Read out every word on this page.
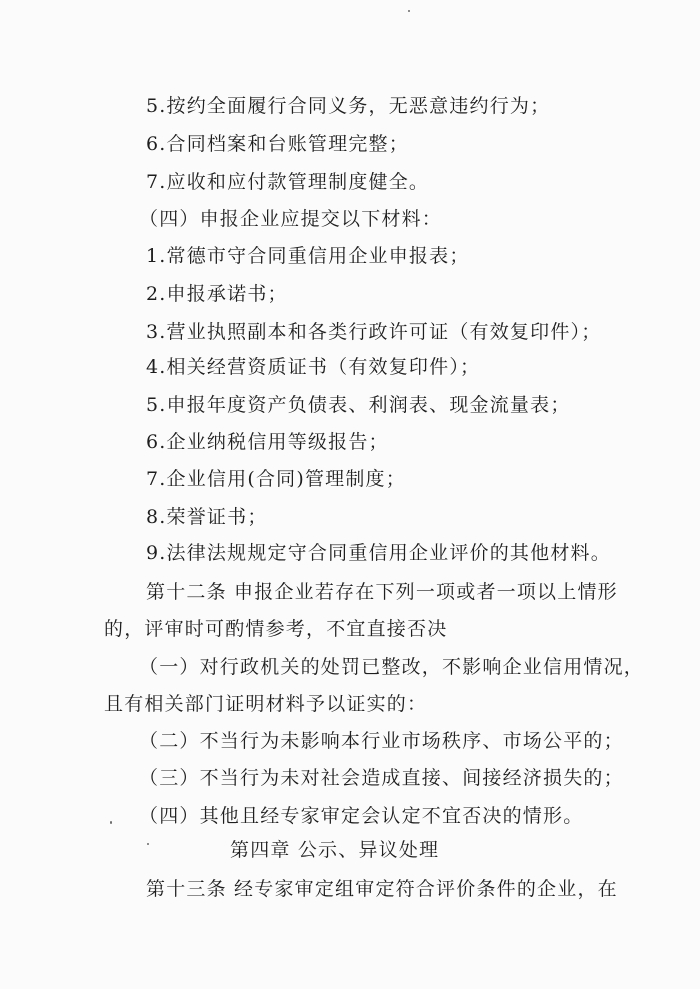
5.按约全面履行合同义务，无恶意违约行为；
6.合同档案和台账管理完整；
7.应收和应付款管理制度健全。
（四）申报企业应提交以下材料：
1.常德市守合同重信用企业申报表；
2.申报承诺书；
3.营业执照副本和各类行政许可证（有效复印件）；
4.相关经营资质证书（有效复印件）；
5.申报年度资产负债表、利润表、现金流量表；
6.企业纳税信用等级报告；
7.企业信用(合同)管理制度；
8.荣誉证书；
9.法律法规规定守合同重信用企业评价的其他材料。
第十二条 申报企业若存在下列一项或者一项以上情形
的，评审时可酌情参考，不宜直接否决
（一）对行政机关的处罚已整改，不影响企业信用情况，
且有相关部门证明材料予以证实的：
（二）不当行为未影响本行业市场秩序、市场公平的；
（三）不当行为未对社会造成直接、间接经济损失的；
（四）其他且经专家审定会认定不宜否决的情形。
第四章 公示、异议处理
第十三条 经专家审定组审定符合评价条件的企业，在
